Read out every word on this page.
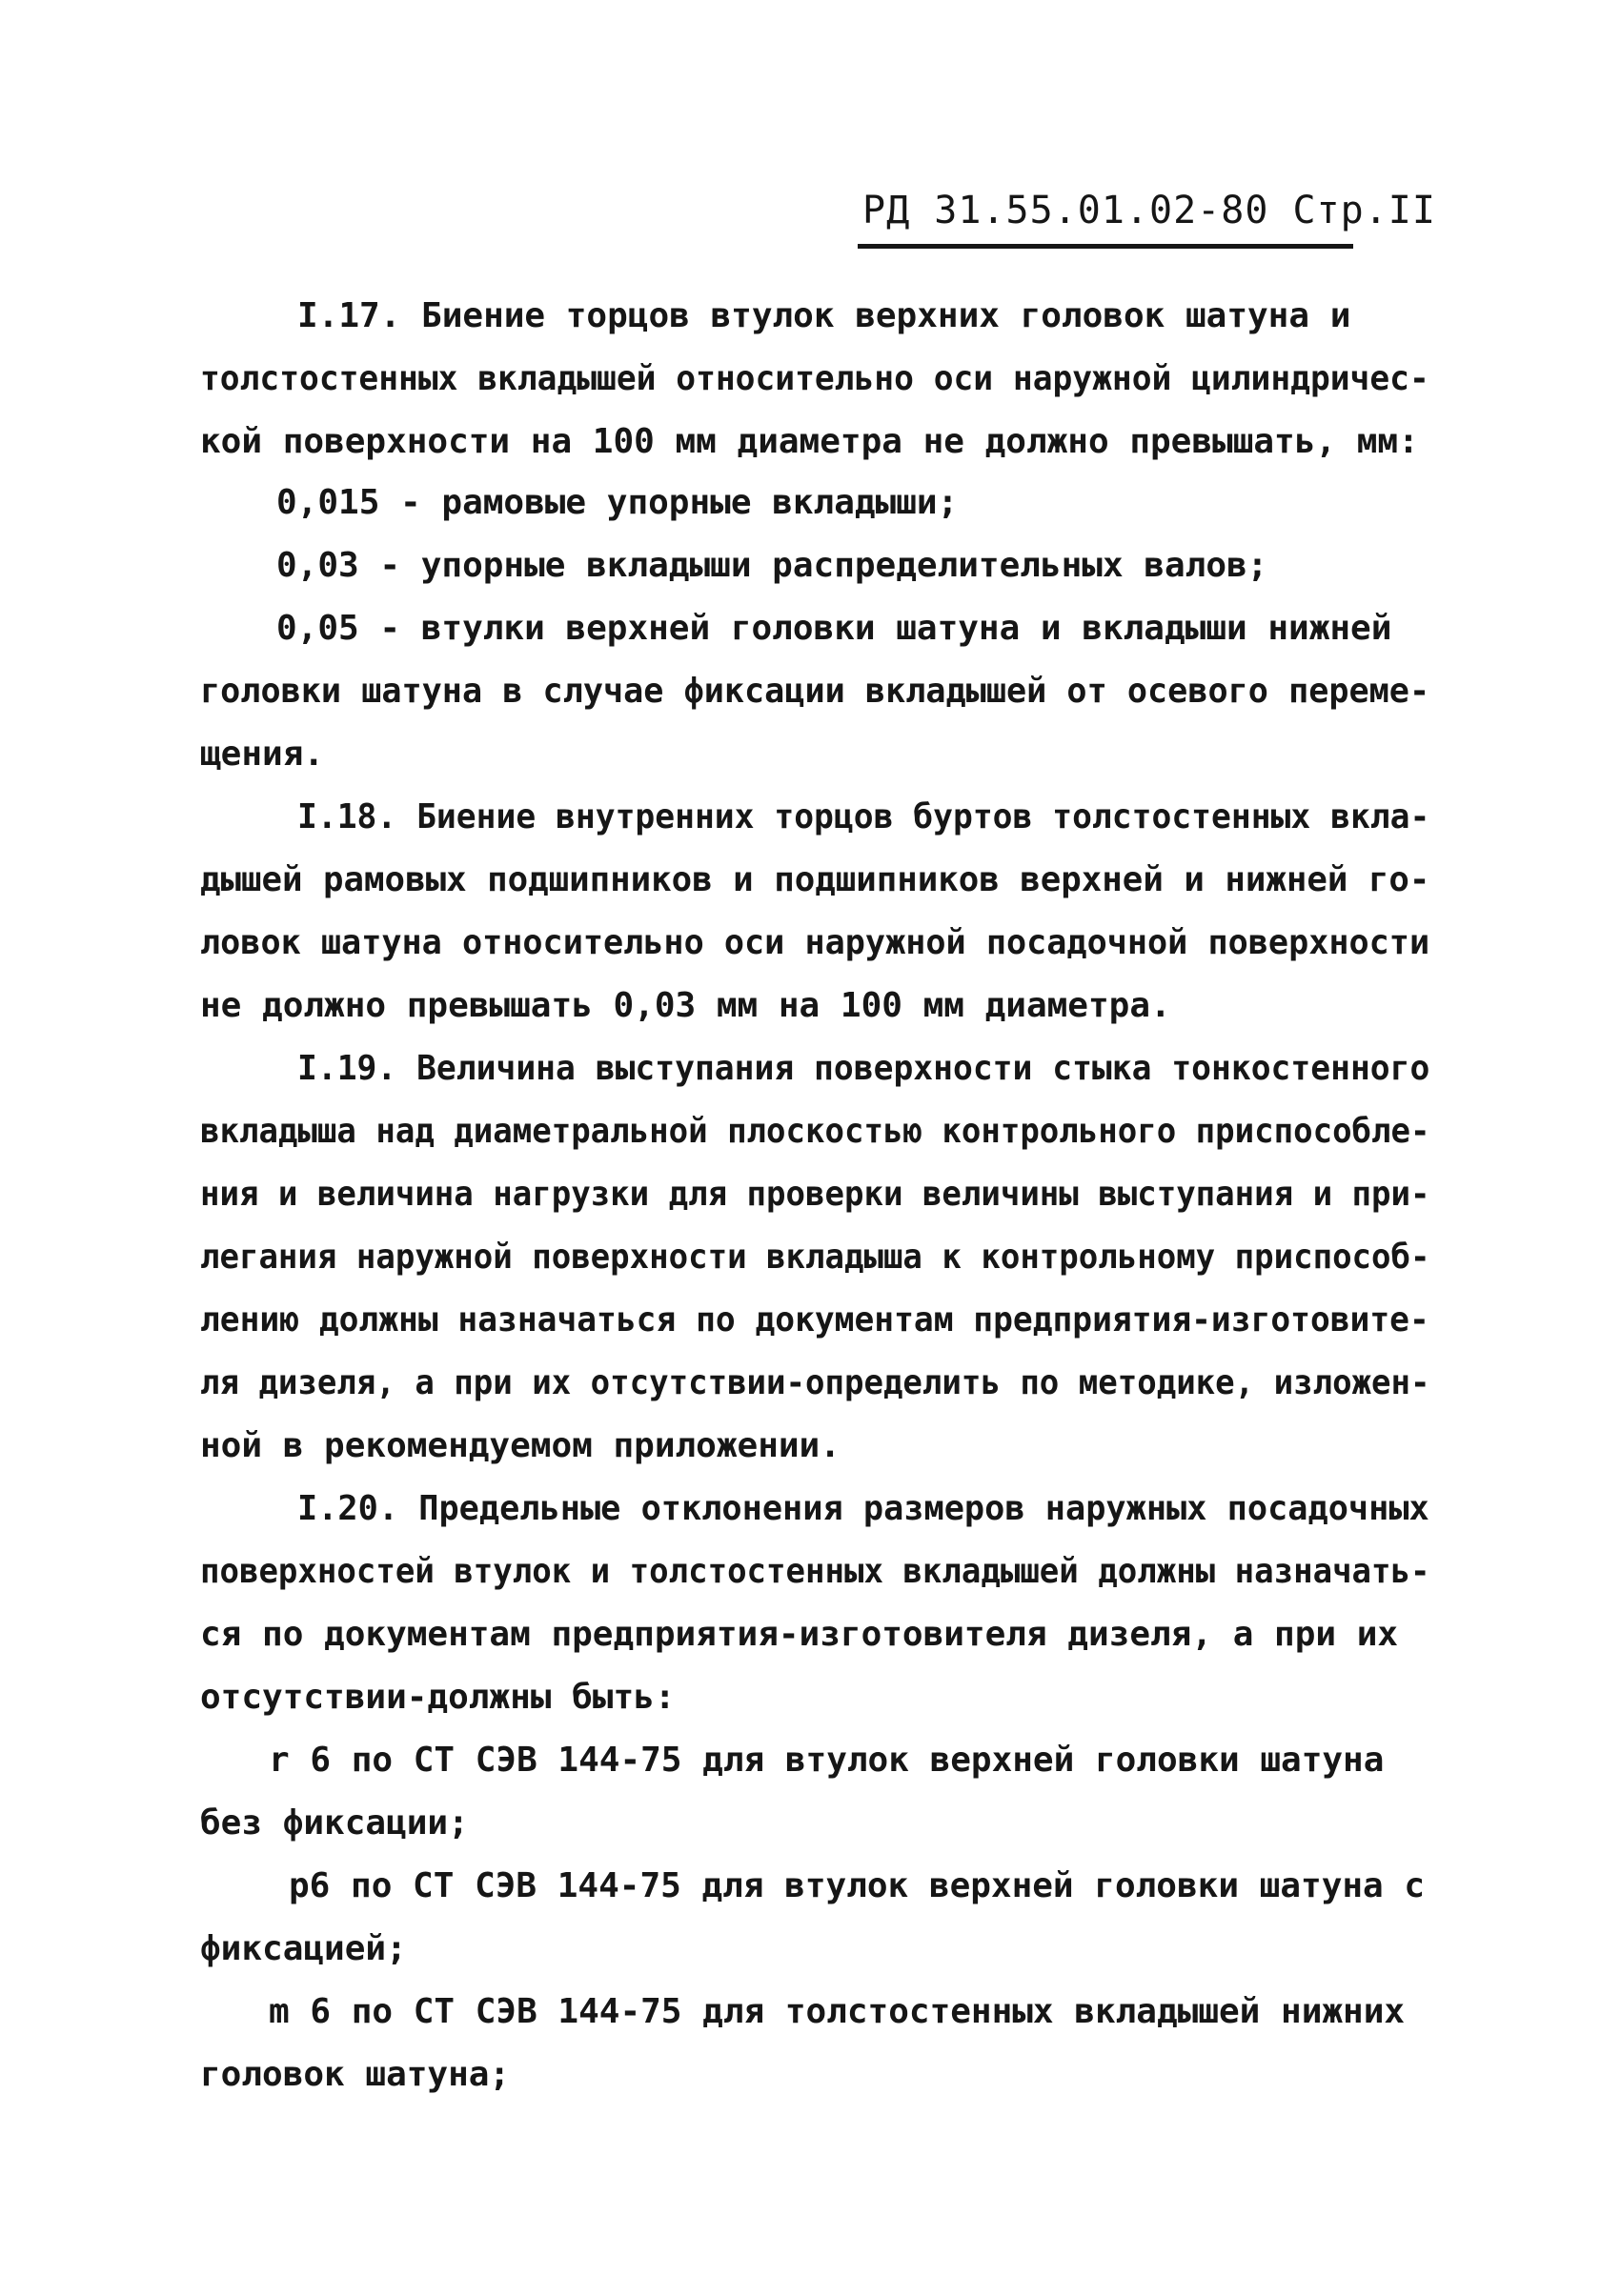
РД 31.55.01.02-80 Стр.II
I.17. Биение торцов втулок верхних головок шатуна и
толстостенных вкладышей относительно оси наружной цилиндричес-
кой поверхности на 100 мм диаметра не должно превышать, мм:
0,015 - рамовые упорные вкладыши;
0,03 - упорные вкладыши распределительных валов;
0,05 - втулки верхней головки шатуна и вкладыши нижней
головки шатуна в случае фиксации вкладышей от осевого переме-
щения.
I.18. Биение внутренних торцов буртов толстостенных вкла-
дышей рамовых подшипников и подшипников верхней и нижней го-
ловок шатуна относительно оси наружной посадочной поверхности
не должно превышать 0,03 мм на 100 мм диаметра.
I.19. Величина выступания поверхности стыка тонкостенного
вкладыша над диаметральной плоскостью контрольного приспособле-
ния и величина нагрузки для проверки величины выступания и при-
легания наружной поверхности вкладыша к контрольному приспособ-
лению должны назначаться по документам предприятия-изготовите-
ля дизеля, а при их отсутствии-определить по методике, изложен-
ной в рекомендуемом приложении.
I.20. Предельные отклонения размеров наружных посадочных
поверхностей втулок и толстостенных вкладышей должны назначать-
ся по документам предприятия-изготовителя дизеля, а при их
отсутствии-должны быть:
r 6 по СТ СЭВ 144-75 для втулок верхней головки шатуна
без фиксации;
р6 по СТ СЭВ 144-75 для втулок верхней головки шатуна с
фиксацией;
m 6 по СТ СЭВ 144-75 для толстостенных вкладышей нижних
головок шатуна;
